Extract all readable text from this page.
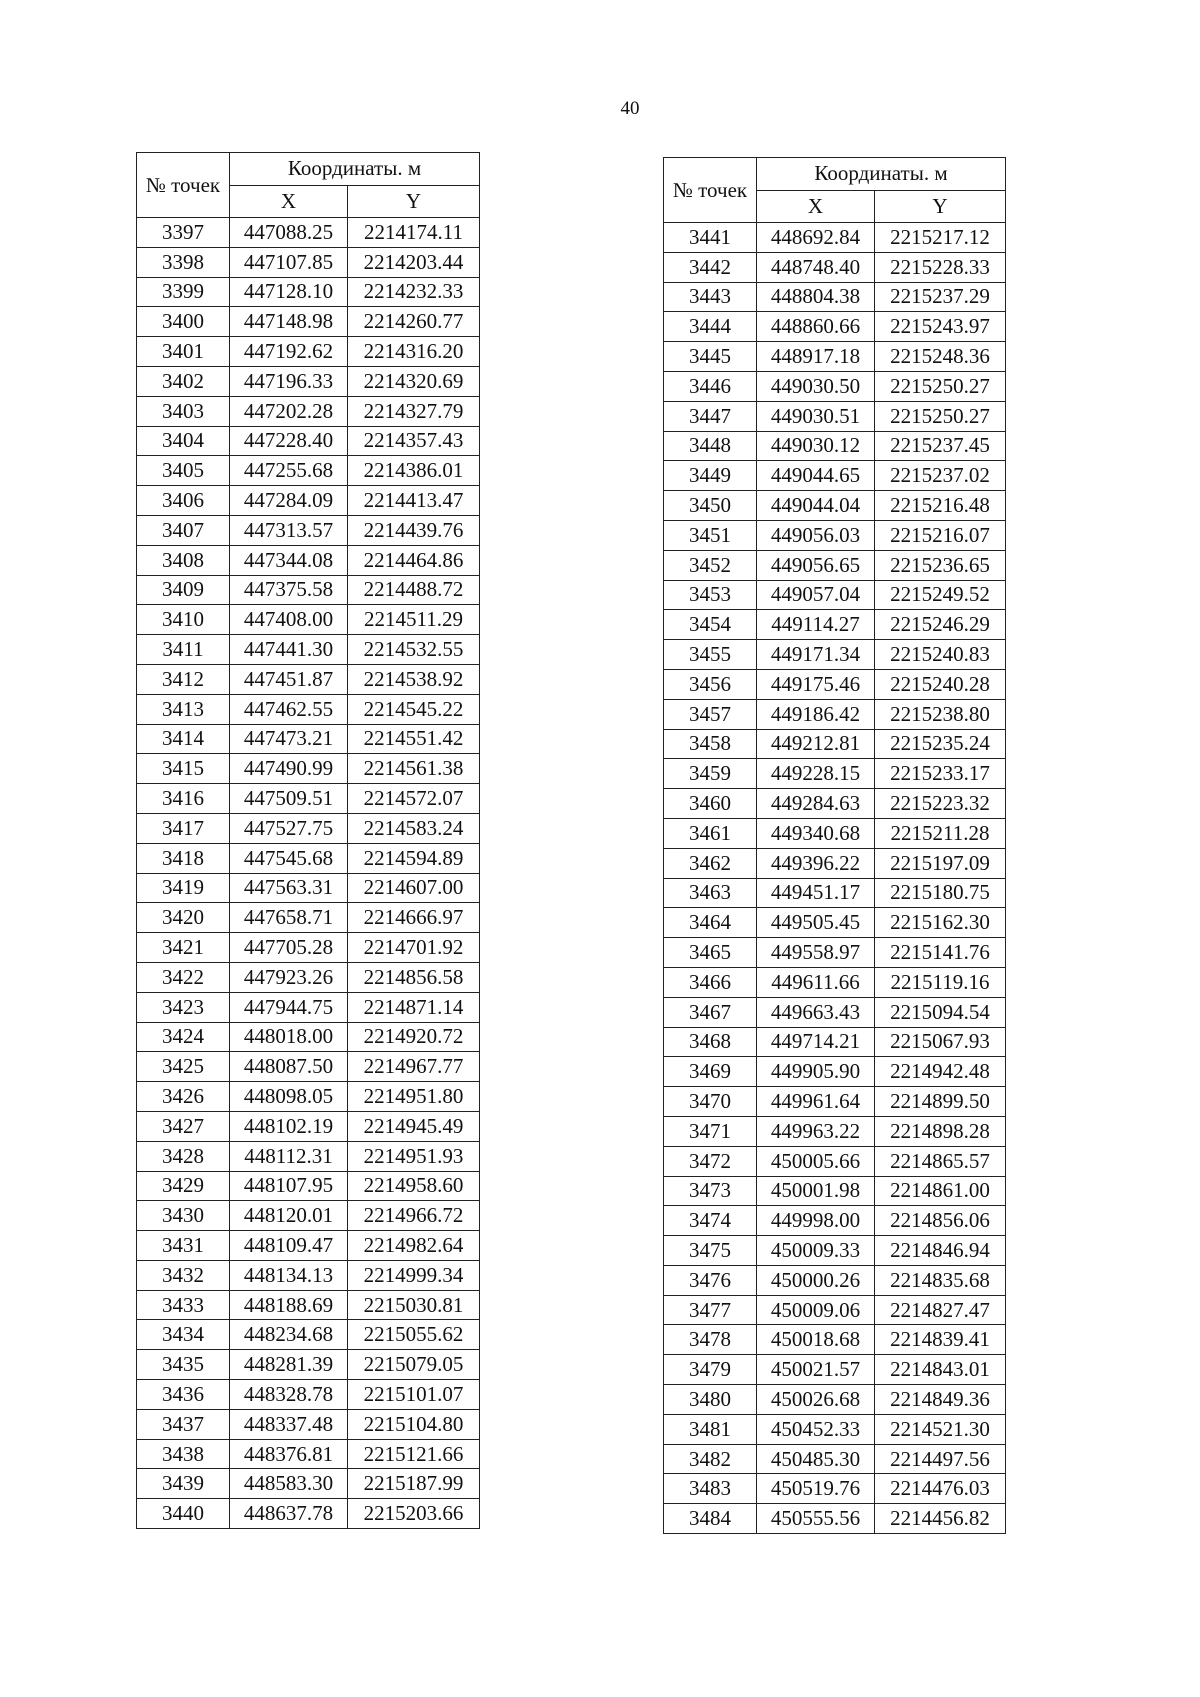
40
№ точек	Координаты. м	
	X	Y
3397	447088.25	2214174.11
3398	447107.85	2214203.44
3399	447128.10	2214232.33
3400	447148.98	2214260.77
3401	447192.62	2214316.20
3402	447196.33	2214320.69
3403	447202.28	2214327.79
3404	447228.40	2214357.43
3405	447255.68	2214386.01
3406	447284.09	2214413.47
3407	447313.57	2214439.76
3408	447344.08	2214464.86
3409	447375.58	2214488.72
3410	447408.00	2214511.29
3411	447441.30	2214532.55
3412	447451.87	2214538.92
3413	447462.55	2214545.22
3414	447473.21	2214551.42
3415	447490.99	2214561.38
3416	447509.51	2214572.07
3417	447527.75	2214583.24
3418	447545.68	2214594.89
3419	447563.31	2214607.00
3420	447658.71	2214666.97
3421	447705.28	2214701.92
3422	447923.26	2214856.58
3423	447944.75	2214871.14
3424	448018.00	2214920.72
3425	448087.50	2214967.77
3426	448098.05	2214951.80
3427	448102.19	2214945.49
3428	448112.31	2214951.93
3429	448107.95	2214958.60
3430	448120.01	2214966.72
3431	448109.47	2214982.64
3432	448134.13	2214999.34
3433	448188.69	2215030.81
3434	448234.68	2215055.62
3435	448281.39	2215079.05
3436	448328.78	2215101.07
3437	448337.48	2215104.80
3438	448376.81	2215121.66
3439	448583.30	2215187.99
3440	448637.78	2215203.66
№ точек	Координаты. м	
	X	Y
3441	448692.84	2215217.12
3442	448748.40	2215228.33
3443	448804.38	2215237.29
3444	448860.66	2215243.97
3445	448917.18	2215248.36
3446	449030.50	2215250.27
3447	449030.51	2215250.27
3448	449030.12	2215237.45
3449	449044.65	2215237.02
3450	449044.04	2215216.48
3451	449056.03	2215216.07
3452	449056.65	2215236.65
3453	449057.04	2215249.52
3454	449114.27	2215246.29
3455	449171.34	2215240.83
3456	449175.46	2215240.28
3457	449186.42	2215238.80
3458	449212.81	2215235.24
3459	449228.15	2215233.17
3460	449284.63	2215223.32
3461	449340.68	2215211.28
3462	449396.22	2215197.09
3463	449451.17	2215180.75
3464	449505.45	2215162.30
3465	449558.97	2215141.76
3466	449611.66	2215119.16
3467	449663.43	2215094.54
3468	449714.21	2215067.93
3469	449905.90	2214942.48
3470	449961.64	2214899.50
3471	449963.22	2214898.28
3472	450005.66	2214865.57
3473	450001.98	2214861.00
3474	449998.00	2214856.06
3475	450009.33	2214846.94
3476	450000.26	2214835.68
3477	450009.06	2214827.47
3478	450018.68	2214839.41
3479	450021.57	2214843.01
3480	450026.68	2214849.36
3481	450452.33	2214521.30
3482	450485.30	2214497.56
3483	450519.76	2214476.03
3484	450555.56	2214456.82
